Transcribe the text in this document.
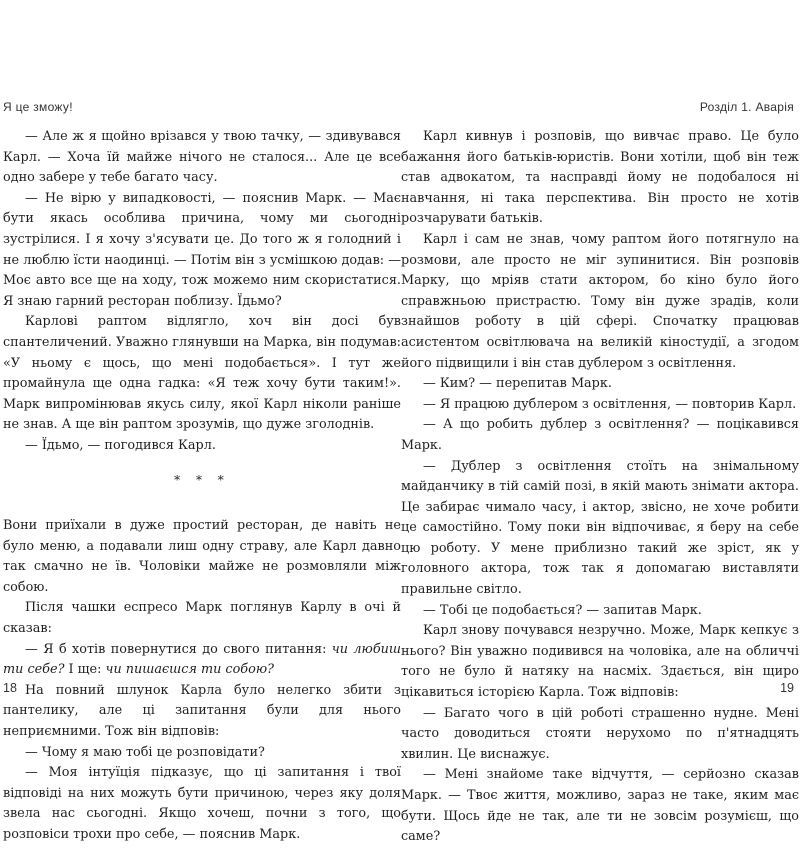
Я це зможу!	Розділ 1. Аварія

— Але ж я щойно врізався у твою тачку, — здивувався Карл. — Хоча їй майже нічого не сталося... Але це все одно забере у тебе багато часу.

— Не вірю у випадковості, — пояснив Марк. — Має бути якась особлива причина, чому ми сьогодні зустрілися. І я хочу з'ясувати це. До того ж я голодний і не люблю їсти наодинці. — Потім він з усмішкою додав: — Моє авто все ще на ходу, тож можемо ним скористатися. Я знаю гарний ресторан поблизу. Їдьмо?

Карлові раптом відлягло, хоч він досі був спантеличений. Уважно глянувши на Марка, він подумав: «У ньому є щось, що мені подобається». І тут же промайнула ще одна гадка: «Я теж хочу бути таким!». Марк випромінював якусь силу, якої Карл ніколи раніше не знав. А ще він раптом зрозумів, що дуже зголоднів.

— Їдьмо, — погодився Карл.

* * *

Вони приїхали в дуже простий ресторан, де навіть не було меню, а подавали лиш одну страву, але Карл давно так смачно не їв. Чоловіки майже не розмовляли між собою.

Після чашки еспресо Марк поглянув Карлу в очі й сказав:

— Я б хотів повернутися до свого питання: чи любиш ти себе? І ще: чи пишаєшся ти собою?

На повний шлунок Карла було нелегко збити з пантелику, але ці запитання були для нього неприємними. Тож він відповів:

— Чому я маю тобі це розповідати?

— Моя інтуїція підказує, що ці запитання і твої відповіді на них можуть бути причиною, через яку доля звела нас сьогодні. Якщо хочеш, почни з того, що розповіси трохи про себе, — пояснив Марк.

Карл кивнув і розповів, що вивчає право. Це було бажання його батьків-юристів. Вони хотіли, щоб він теж став адвокатом, та насправді йому не подобалося ні навчання, ні така перспектива. Він просто не хотів розчарувати батьків.

Карл і сам не знав, чому раптом його потягнуло на розмови, але просто не міг зупинитися. Він розповів Марку, що мріяв стати актором, бо кіно було його справжньою пристрастю. Тому він дуже зрадів, коли знайшов роботу в цій сфері. Спочатку працював асистентом освітлювача на великій кіностудії, а згодом його підвищили і він став дублером з освітлення.

— Ким? — перепитав Марк.

— Я працюю дублером з освітлення, — повторив Карл.

— А що робить дублер з освітлення? — поцікавився Марк.

— Дублер з освітлення стоїть на знімальному майданчику в тій самій позі, в якій мають знімати актора. Це забирає чимало часу, і актор, звісно, не хоче робити це самостійно. Тому поки він відпочиває, я беру на себе цю роботу. У мене приблизно такий же зріст, як у головного актора, тож так я допомагаю виставляти правильне світло.

— Тобі це подобається? — запитав Марк.

Карл знову почувався незручно. Може, Марк кепкує з нього? Він уважно подивився на чоловіка, але на обличчі того не було й натяку на насміх. Здається, він щиро цікавиться історією Карла. Тож відповів:

— Багато чого в цій роботі страшенно нудне. Мені часто доводиться стояти нерухомо по п'ятнадцять хвилин. Це виснажує.

— Мені знайоме таке відчуття, — серйозно сказав Марк. — Твоє життя, можливо, зараз не таке, яким має бути. Щось йде не так, але ти не зовсім розумієш, що саме?

18	19
